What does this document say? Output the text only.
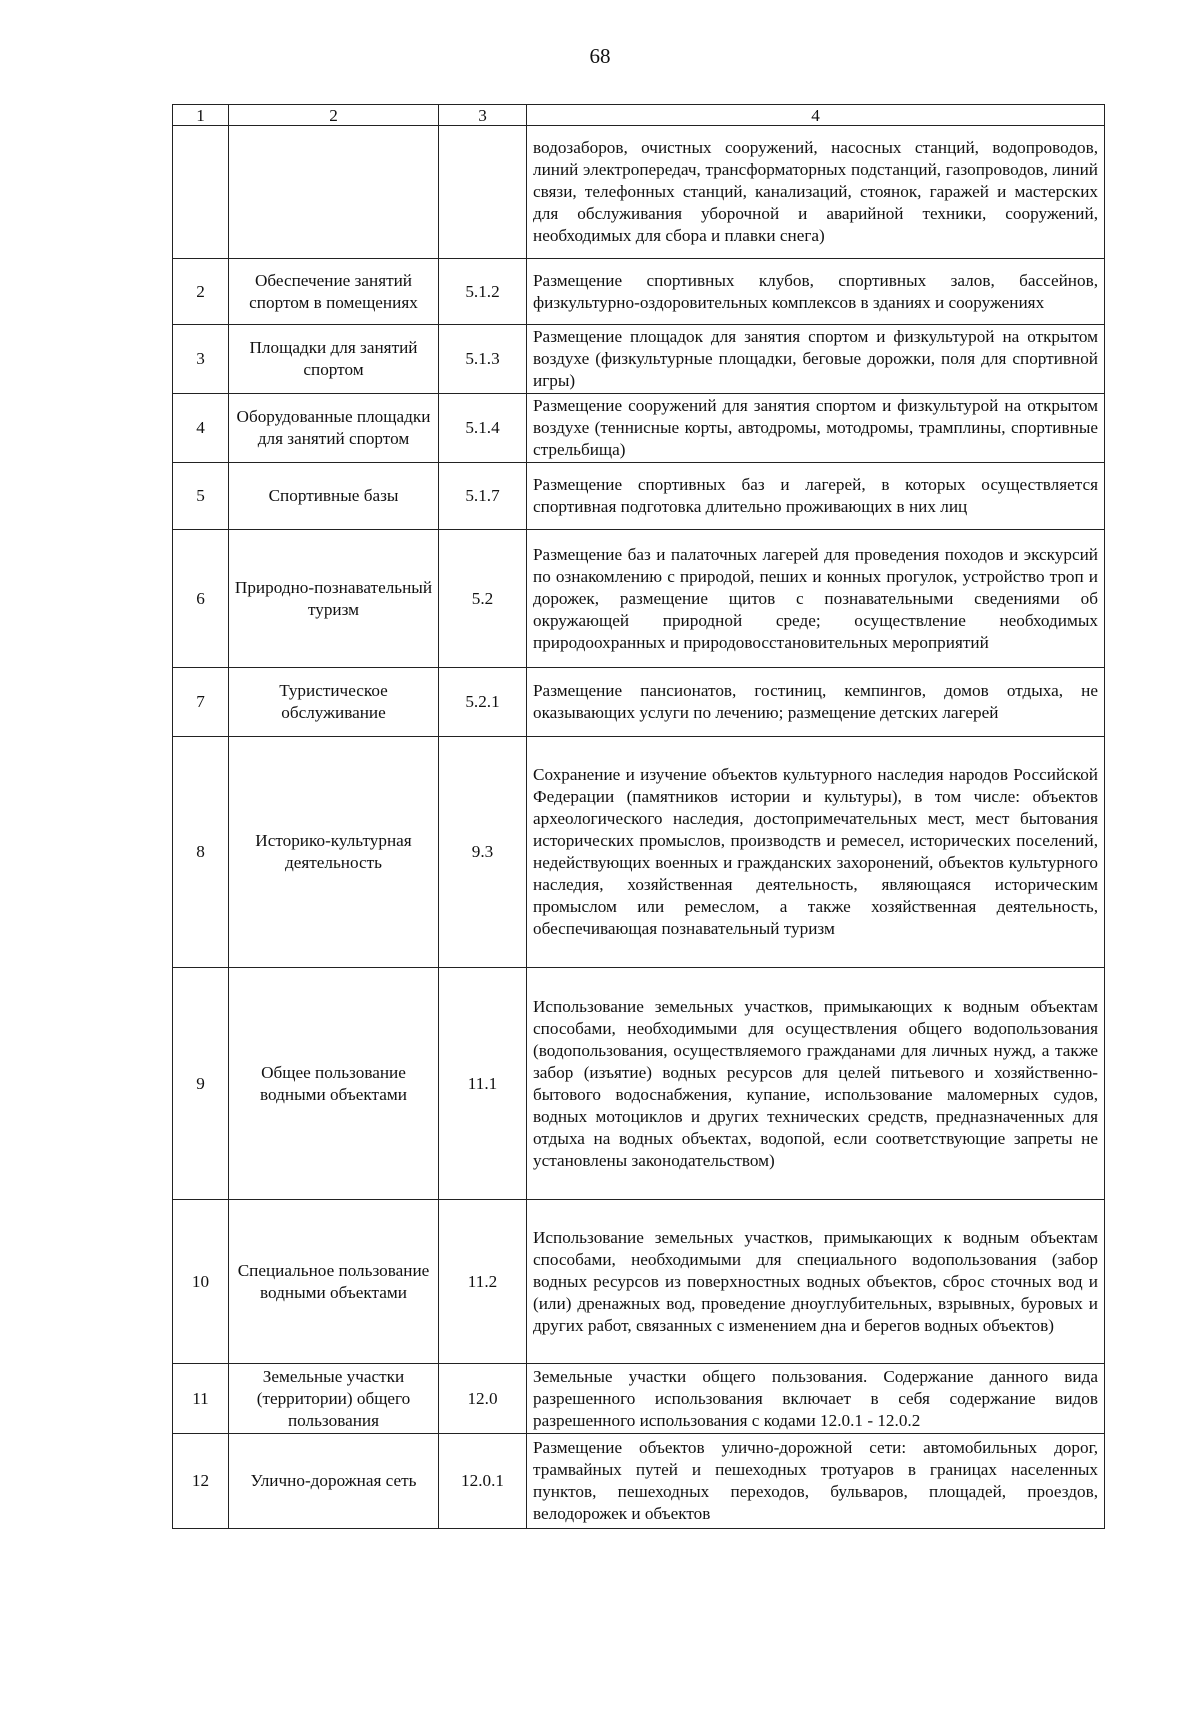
68
1	2	3	4
			водозаборов, очистных сооружений, насосных станций, водопроводов, линий электропередач, трансформаторных подстанций, газопроводов, линий связи, телефонных станций, канализаций, стоянок, гаражей и мастерских для обслуживания уборочной и аварийной техники, сооружений, необходимых для сбора и плавки снега)
2	Обеспечение занятий спортом в помещениях	5.1.2	Размещение спортивных клубов, спортивных залов, бассейнов, физкультурно-оздоровительных комплексов в зданиях и сооружениях
3	Площадки для занятий спортом	5.1.3	Размещение площадок для занятия спортом и физкультурой на открытом воздухе (физкультурные площадки, беговые дорожки, поля для спортивной игры)
4	Оборудованные площадки для занятий спортом	5.1.4	Размещение сооружений для занятия спортом и физкультурой на открытом воздухе (теннисные корты, автодромы, мотодромы, трамплины, спортивные стрельбища)
5	Спортивные базы	5.1.7	Размещение спортивных баз и лагерей, в которых осуществляется спортивная подготовка длительно проживающих в них лиц
6	Природно-познавательный туризм	5.2	Размещение баз и палаточных лагерей для проведения походов и экскурсий по ознакомлению с природой, пеших и конных прогулок, устройство троп и дорожек, размещение щитов с познавательными сведениями об окружающей природной среде; осуществление необходимых природоохранных и природовосстановительных мероприятий
7	Туристическое обслуживание	5.2.1	Размещение пансионатов, гостиниц, кемпингов, домов отдыха, не оказывающих услуги по лечению; размещение детских лагерей
8	Историко-культурная деятельность	9.3	Сохранение и изучение объектов культурного наследия народов Российской Федерации (памятников истории и культуры), в том числе: объектов археологического наследия, достопримечательных мест, мест бытования исторических промыслов, производств и ремесел, исторических поселений, недействующих военных и гражданских захоронений, объектов культурного наследия, хозяйственная деятельность, являющаяся историческим промыслом или ремеслом, а также хозяйственная деятельность, обеспечивающая познавательный туризм
9	Общее пользование водными объектами	11.1	Использование земельных участков, примыкающих к водным объектам способами, необходимыми для осуществления общего водопользования (водопользования, осуществляемого гражданами для личных нужд, а также забор (изъятие) водных ресурсов для целей питьевого и хозяйственно-бытового водоснабжения, купание, использование маломерных судов, водных мотоциклов и других технических средств, предназначенных для отдыха на водных объектах, водопой, если соответствующие запреты не установлены законодательством)
10	Специальное пользование водными объектами	11.2	Использование земельных участков, примыкающих к водным объектам способами, необходимыми для специального водопользования (забор водных ресурсов из поверхностных водных объектов, сброс сточных вод и (или) дренажных вод, проведение дноуглубительных, взрывных, буровых и других работ, связанных с изменением дна и берегов водных объектов)
11	Земельные участки (территории) общего пользования	12.0	Земельные участки общего пользования. Содержание данного вида разрешенного использования включает в себя содержание видов разрешенного использования с кодами 12.0.1 - 12.0.2
12	Улично-дорожная сеть	12.0.1	Размещение объектов улично-дорожной сети: автомобильных дорог, трамвайных путей и пешеходных тротуаров в границах населенных пунктов, пешеходных переходов, бульваров, площадей, проездов, велодорожек и объектов
